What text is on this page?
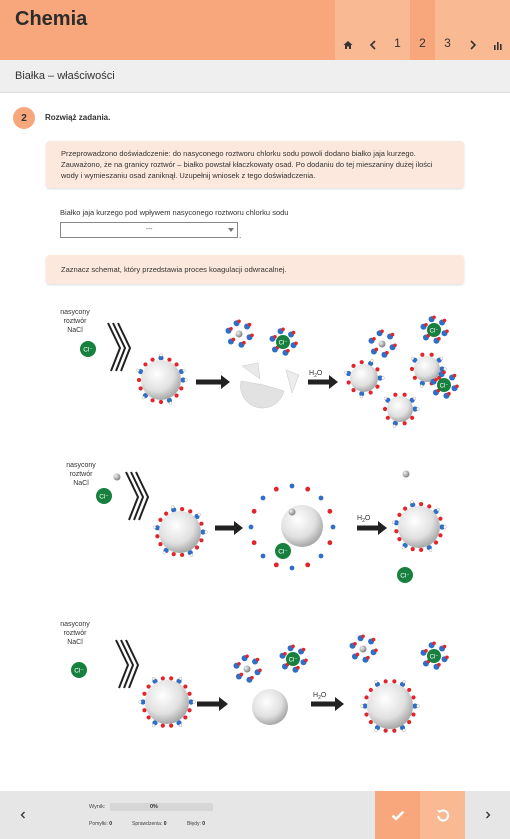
Chemia
1	2	3
Białka – właściwości
2	Rozwiąż zadania.
Przeprowadzono doświadczenie: do nasyconego roztworu chlorku sodu powoli dodano białko jaja kurzego. Zauważono, że na granicy roztwór – białko powstał kłaczkowaty osad. Po dodaniu do tej mieszaniny dużej ilości wody i wymieszaniu osad zaniknął. Uzupełnij wniosek z tego doświadczenia.
Białko jaja kurzego pod wpływem nasyconego roztworu chlorku sodu
---
.
Zaznacz schemat, który przedstawia proces koagulacji odwracalnej.
nasycony
roztwór
NaCl
Cl⁻
Cl⁻
$H_2O$
Cl⁻
Cl⁻
nasycony
roztwór
NaCl
Cl⁻
Cl⁻
$H_2O$
Cl⁻
nasycony
roztwór
NaCl
Cl⁻
Cl⁻
$H_2O$
Cl⁻
Wynik:	0%
Pomyłki: 0	Sprawdzenia: 0	Błędy: 0
